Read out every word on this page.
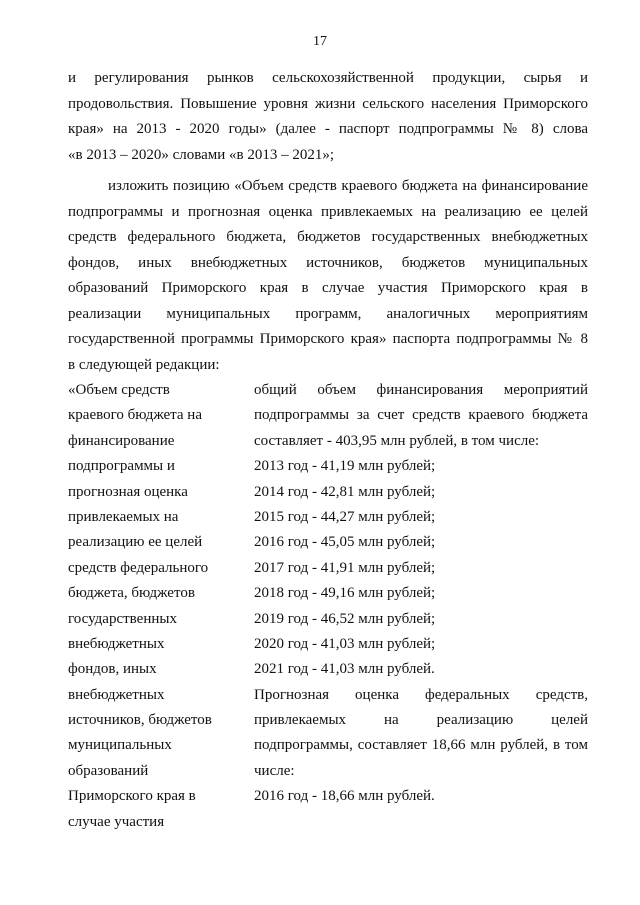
17
и регулирования рынков сельскохозяйственной продукции, сырья и
продовольствия. Повышение уровня жизни сельского населения Приморского
края» на 2013 - 2020 годы» (далее - паспорт подпрограммы № 8) слова
«в 2013 – 2020» словами «в 2013 – 2021»;
изложить позицию «Объем средств краевого бюджета на финансирование
подпрограммы и прогнозная оценка привлекаемых на реализацию ее целей
средств федерального бюджета, бюджетов государственных внебюджетных
фондов, иных внебюджетных источников, бюджетов муниципальных
образований Приморского края в случае участия Приморского края в
реализации муниципальных программ, аналогичных мероприятиям
государственной программы Приморского края» паспорта подпрограммы № 8
в следующей редакции:
«Объем средств	общий объем финансирования мероприятий
краевого бюджета на	подпрограммы за счет средств краевого бюджета
финансирование	составляет - 403,95 млн рублей, в том числе:
подпрограммы и	2013 год - 41,19 млн рублей;
прогнозная оценка	2014 год - 42,81 млн рублей;
привлекаемых на	2015 год - 44,27 млн рублей;
реализацию ее целей	2016 год - 45,05 млн рублей;
средств федерального	2017 год - 41,91 млн рублей;
бюджета, бюджетов	2018 год - 49,16 млн рублей;
государственных	2019 год - 46,52 млн рублей;
внебюджетных	2020 год - 41,03 млн рублей;
фондов, иных	2021 год - 41,03 млн рублей.
внебюджетных	Прогнозная оценка федеральных средств,
источников, бюджетов	привлекаемых на реализацию целей
муниципальных	подпрограммы, составляет 18,66 млн рублей, в том
образований	числе:
Приморского края в	2016 год - 18,66 млн рублей.
случае участия
